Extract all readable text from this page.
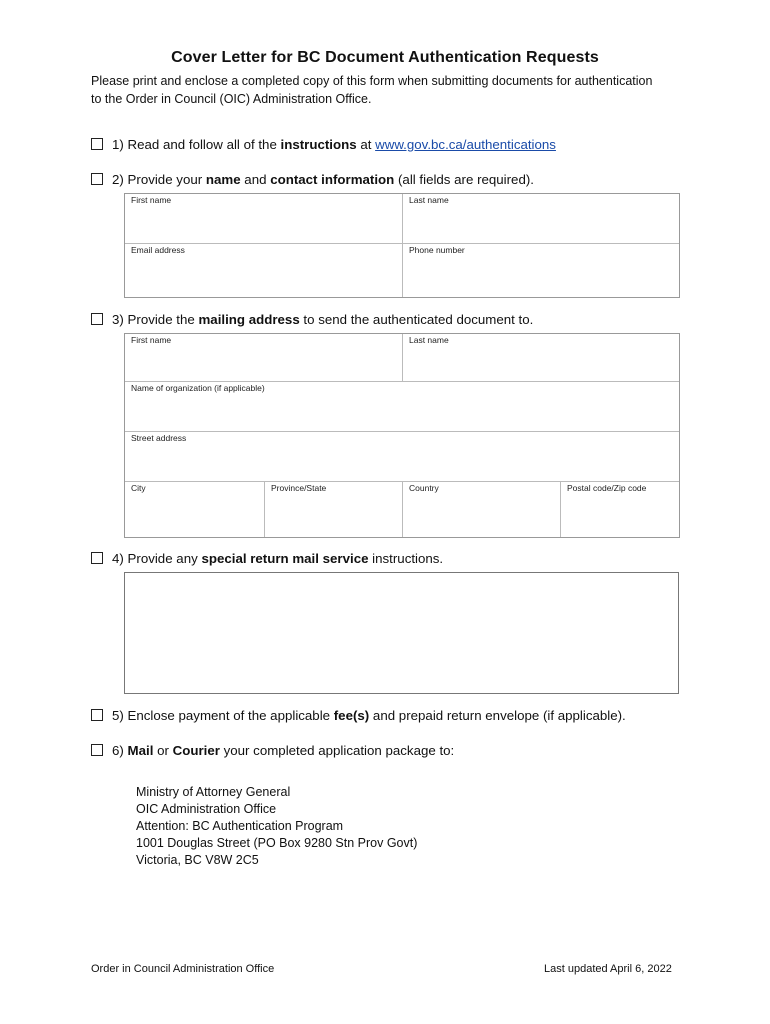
Cover Letter for BC Document Authentication Requests
Please print and enclose a completed copy of this form when submitting documents for authentication
to the Order in Council (OIC) Administration Office.
1) Read and follow all of the instructions at www.gov.bc.ca/authentications
2) Provide your name and contact information (all fields are required).
First name	Last name
Email address	Phone number
3) Provide the mailing address to send the authenticated document to.
First name	Last name
Name of organization (if applicable)
Street address
City	Province/State	Country	Postal code/Zip code
4) Provide any special return mail service instructions.
5) Enclose payment of the applicable fee(s) and prepaid return envelope (if applicable).
6) Mail or Courier your completed application package to:
Ministry of Attorney General
OIC Administration Office
Attention: BC Authentication Program
1001 Douglas Street (PO Box 9280 Stn Prov Govt)
Victoria, BC V8W 2C5
Order in Council Administration Office	Last updated April 6, 2022
